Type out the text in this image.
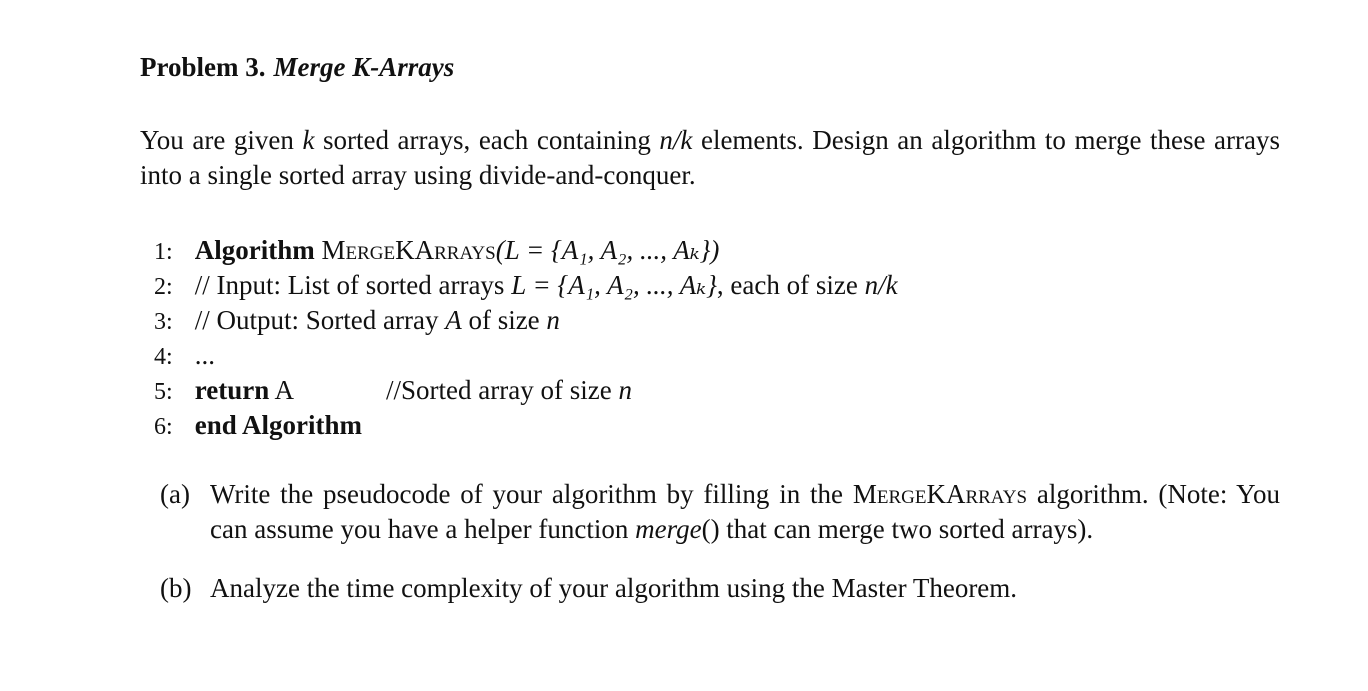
Problem 3. Merge K-Arrays
You are given k sorted arrays, each containing n/k elements. Design an algorithm to merge these arrays into a single sorted array using divide-and-conquer.
1: Algorithm MergeKArrays(L = {A₁, A₂, ..., Aₖ})
2: // Input: List of sorted arrays L = {A₁, A₂, ..., Aₖ}, each of size n/k
3: // Output: Sorted array A of size n
4: ...
5: return A	//Sorted array of size n
6: end Algorithm
(a) Write the pseudocode of your algorithm by filling in the MergeKArrays algorithm. (Note: You can assume you have a helper function merge() that can merge two sorted arrays).
(b) Analyze the time complexity of your algorithm using the Master Theorem.
